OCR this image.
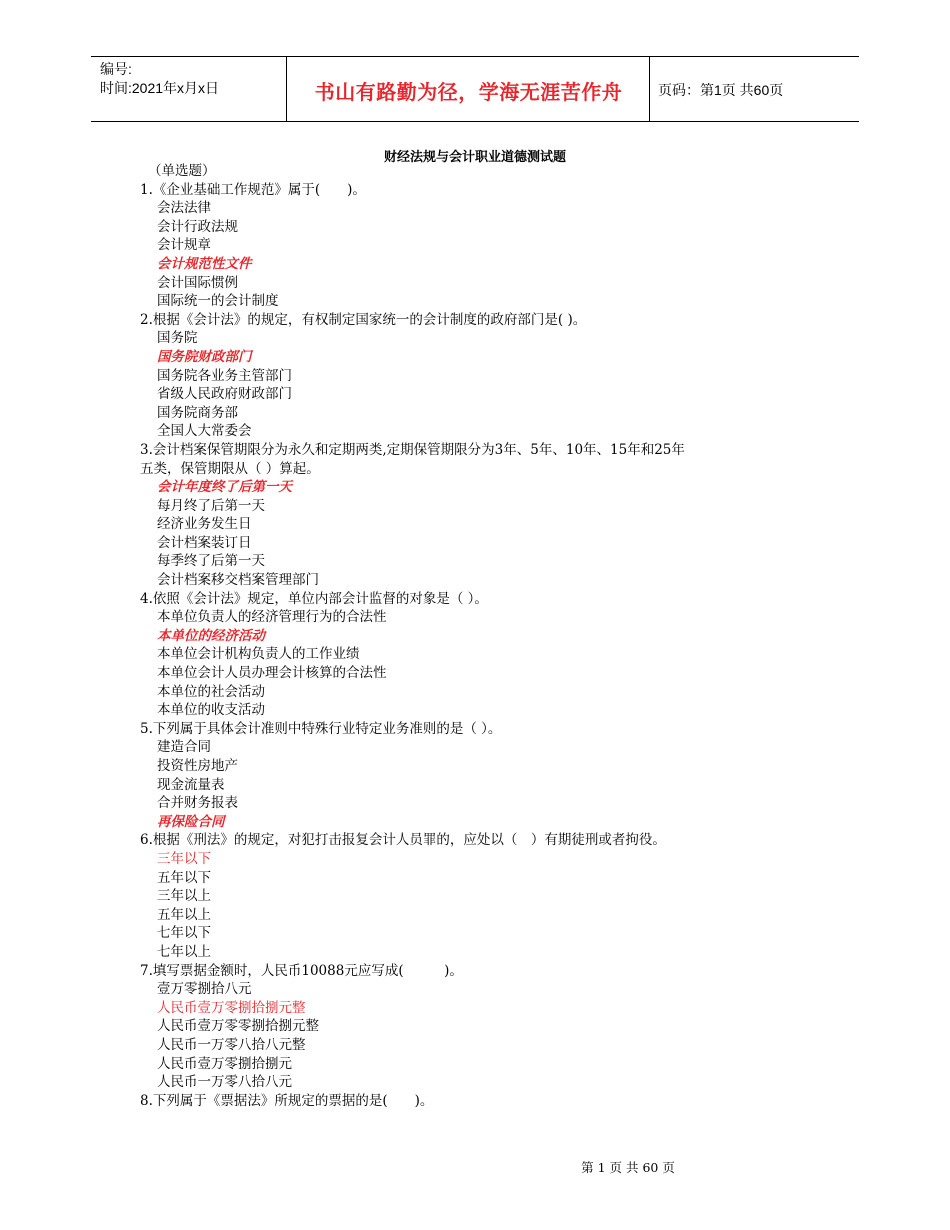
编号:
时间:2021年x月x日	书山有路勤为径，学海无涯苦作舟	页码：第1页 共60页
财经法规与会计职业道德测试题
（单选题）
1.《企业基础工作规范》属于(　　)。
会法法律
会计行政法规
会计规章
会计规范性文件
会计国际惯例
国际统一的会计制度
2.根据《会计法》的规定，有权制定国家统一的会计制度的政府部门是( )。
国务院
国务院财政部门
国务院各业务主管部门
省级人民政府财政部门
国务院商务部
全国人大常委会
3.会计档案保管期限分为永久和定期两类,定期保管期限分为3年、5年、10年、15年和25年
五类，保管期限从（ ）算起。
会计年度终了后第一天
每月终了后第一天
经济业务发生日
会计档案装订日
每季终了后第一天
会计档案移交档案管理部门
4.依照《会计法》规定，单位内部会计监督的对象是（ ）。
本单位负责人的经济管理行为的合法性
本单位的经济活动
本单位会计机构负责人的工作业绩
本单位会计人员办理会计核算的合法性
本单位的社会活动
本单位的收支活动
5.下列属于具体会计准则中特殊行业特定业务准则的是（ ）。
建造合同
投资性房地产
现金流量表
合并财务报表
再保险合同
6.根据《刑法》的规定，对犯打击报复会计人员罪的，应处以（　）有期徒刑或者拘役。
三年以下
五年以下
三年以上
五年以上
七年以下
七年以上
7.填写票据金额时，人民币10088元应写成(　　　)。
壹万零捌拾八元
人民币壹万零捌拾捌元整
人民币壹万零零捌拾捌元整
人民币一万零八拾八元整
人民币壹万零捌拾捌元
人民币一万零八拾八元
8.下列属于《票据法》所规定的票据的是(　　)。
第 1 页 共 60 页
